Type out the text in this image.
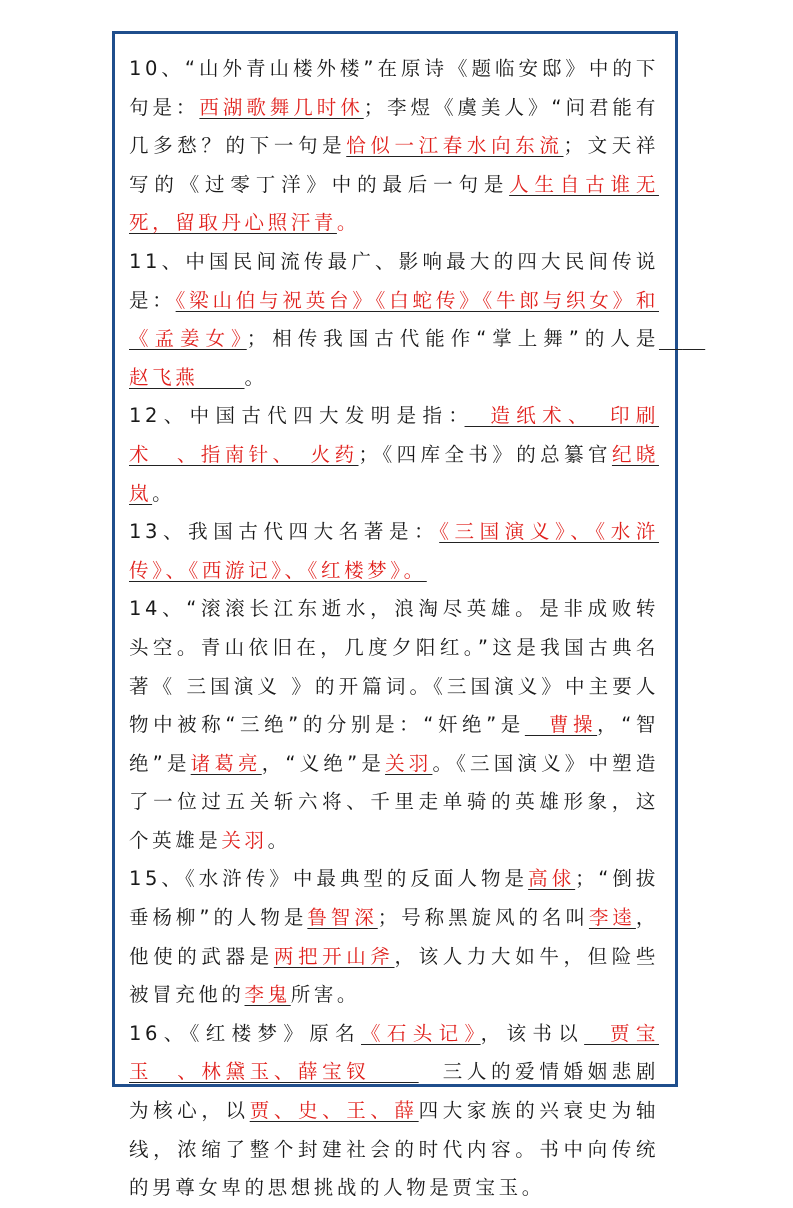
10、“山外青山楼外楼”在原诗《题临安邸》中的下句是：西湖歌舞几时休；李煜《虞美人》“问君能有几多愁？的下一句是恰似一江春水向东流；文天祥写的《过零丁洋》中的最后一句是人生自古谁无死，留取丹心照汗青。

11、中国民间流传最广、影响最大的四大民间传说是：《梁山伯与祝英台》《白蛇传》《牛郎与织女》和《孟姜女》；相传我国古代能作“掌上舞”的人是　　赵飞燕　　。

12、中国古代四大发明是指：　造纸术、　印刷术　、指南针、　火药；《四库全书》的总纂官纪晓岚。

13、我国古代四大名著是：《三国演义》、《水浒传》、《西游记》、《红楼梦》。

14、“滚滚长江东逝水，浪淘尽英雄。是非成败转头空。青山依旧在，几度夕阳红。”这是我国古典名著《 三国演义 》的开篇词。《三国演义》中主要人物中被称“三绝”的分别是：“奸绝”是　曹操，“智绝”是诸葛亮，“义绝”是关羽。《三国演义》中塑造了一位过五关斩六将、千里走单骑的英雄形象，这个英雄是关羽。

15、《水浒传》中最典型的反面人物是高俅；“倒拔垂杨柳”的人物是鲁智深；号称黑旋风的名叫李逵，他使的武器是两把开山斧，该人力大如牛，但险些被冒充他的李鬼所害。

16、《红楼梦》原名《石头记》，该书以　贾宝玉　、林黛玉、薛宝钗　　　三人的爱情婚姻悲剧为核心，以贾、史、王、薛四大家族的兴衰史为轴线，浓缩了整个封建社会的时代内容。书中向传统的男尊女卑的思想挑战的人物是贾宝玉。
